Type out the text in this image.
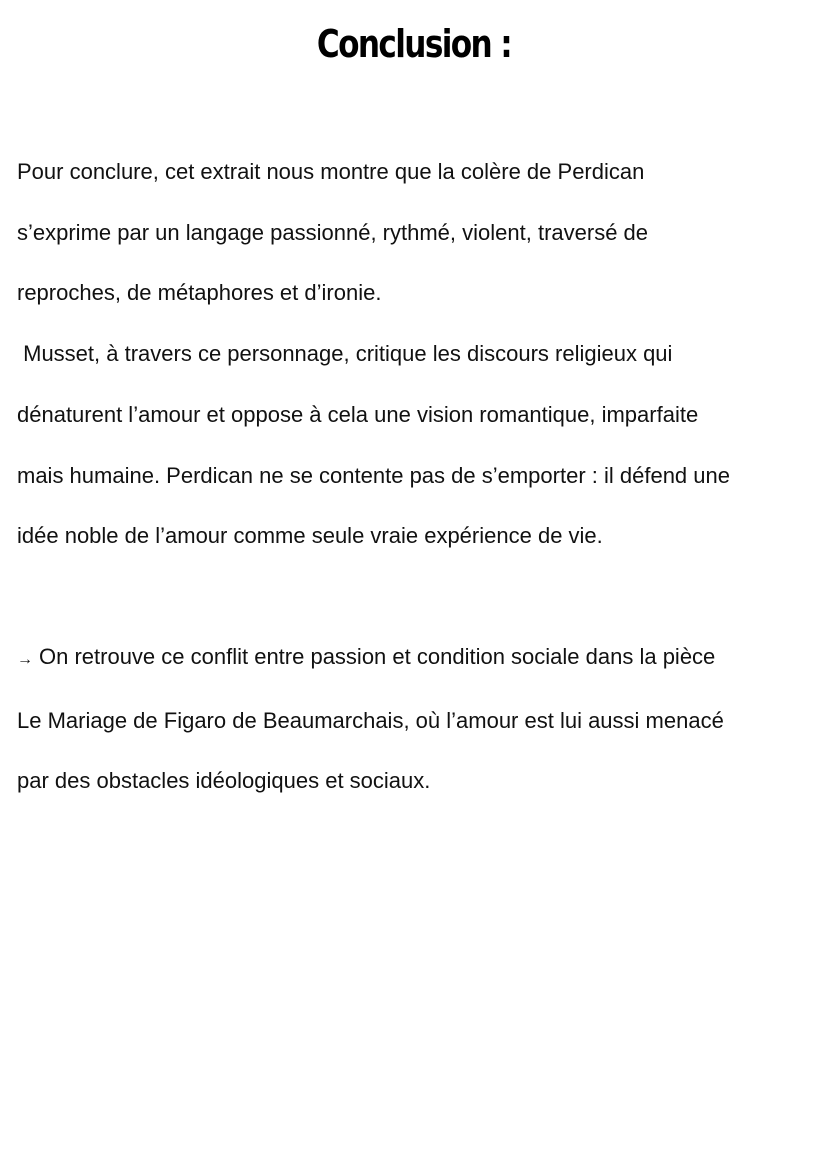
Conclusion :
Pour conclure, cet extrait nous montre que la colère de Perdican
s’exprime par un langage passionné, rythmé, violent, traversé de
reproches, de métaphores et d’ironie.
Musset, à travers ce personnage, critique les discours religieux qui
dénaturent l’amour et oppose à cela une vision romantique, imparfaite
mais humaine. Perdican ne se contente pas de s’emporter : il défend une
idée noble de l’amour comme seule vraie expérience de vie.
→ On retrouve ce conflit entre passion et condition sociale dans la pièce
Le Mariage de Figaro de Beaumarchais, où l’amour est lui aussi menacé
par des obstacles idéologiques et sociaux.
